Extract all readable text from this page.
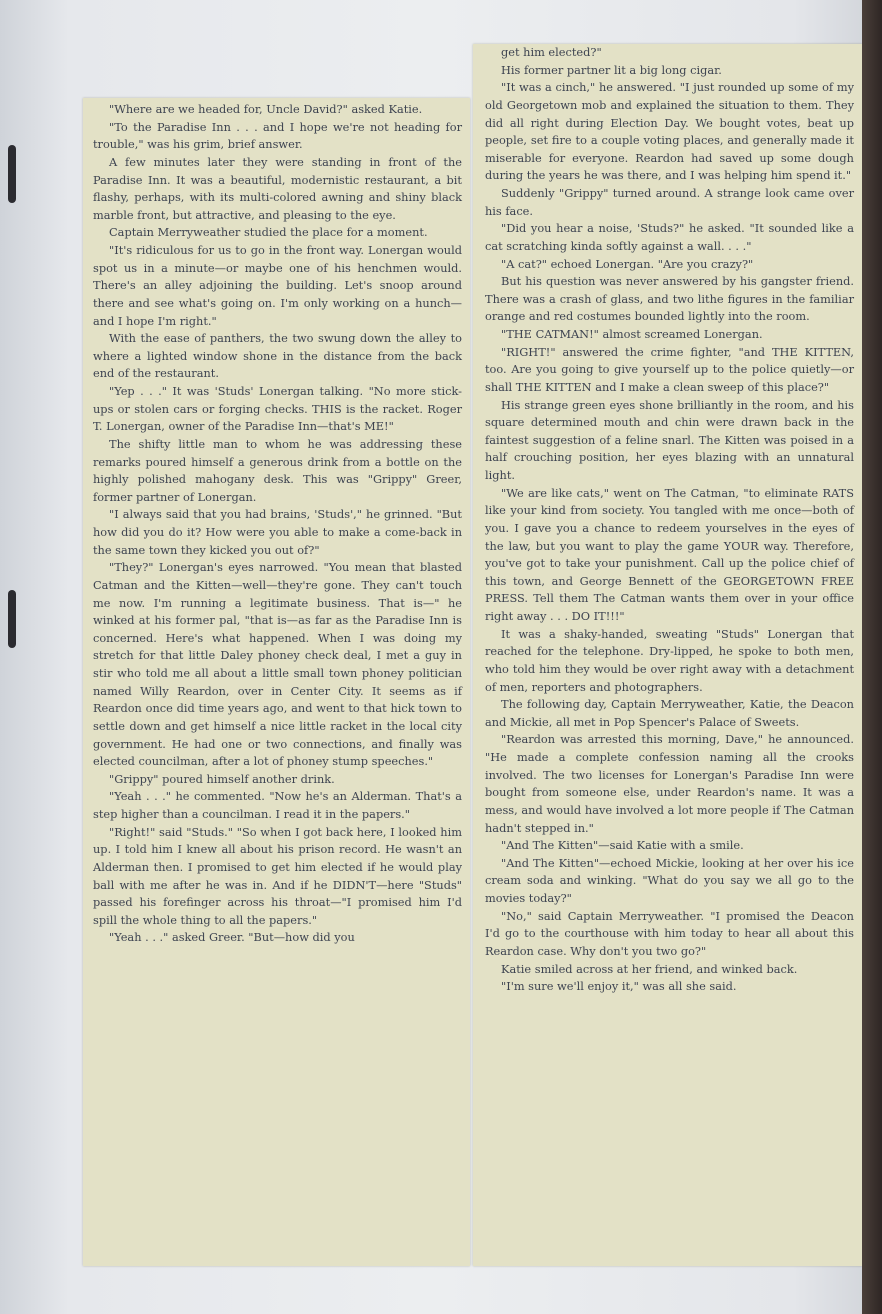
"Where are we headed for, Uncle David?" asked Katie.

"To the Paradise Inn . . . and I hope we're not heading for trouble," was his grim, brief answer.

A few minutes later they were standing in front of the Paradise Inn. It was a beautiful, modernistic restaurant, a bit flashy, perhaps, with its multi-colored awning and shiny black marble front, but attractive, and pleasing to the eye.

Captain Merryweather studied the place for a moment.

"It's ridiculous for us to go in the front way. Lonergan would spot us in a minute—or maybe one of his henchmen would. There's an alley adjoining the building. Let's snoop around there and see what's going on. I'm only working on a hunch—and I hope I'm right."

With the ease of panthers, the two swung down the alley to where a lighted window shone in the distance from the back end of the restaurant.

"Yep . . ." It was 'Studs' Lonergan talking. "No more stick-ups or stolen cars or forging checks. THIS is the racket. Roger T. Lonergan, owner of the Paradise Inn—that's ME!"

The shifty little man to whom he was addressing these remarks poured himself a generous drink from a bottle on the highly polished mahogany desk. This was "Grippy" Greer, former partner of Lonergan.

"I always said that you had brains, 'Studs'," he grinned. "But how did you do it? How were you able to make a come-back in the same town they kicked you out of?"

"They?" Lonergan's eyes narrowed. "You mean that blasted Catman and the Kitten—well—they're gone. They can't touch me now. I'm running a legitimate business. That is—" he winked at his former pal, "that is—as far as the Paradise Inn is concerned. Here's what happened. When I was doing my stretch for that little Daley phoney check deal, I met a guy in stir who told me all about a little small town phoney politician named Willy Reardon, over in Center City. It seems as if Reardon once did time years ago, and went to that hick town to settle down and get himself a nice little racket in the local city government. He had one or two connections, and finally was elected councilman, after a lot of phoney stump speeches."

"Grippy" poured himself another drink.

"Yeah . . ." he commented. "Now he's an Alderman. That's a step higher than a councilman. I read it in the papers."

"Right!" said "Studs." "So when I got back here, I looked him up. I told him I knew all about his prison record. He wasn't an Alderman then. I promised to get him elected if he would play ball with me after he was in. And if he DIDN'T—here "Studs" passed his forefinger across his throat—"I promised him I'd spill the whole thing to all the papers."

"Yeah . . ." asked Greer. "But—how did you

get him elected?"

His former partner lit a big long cigar.

"It was a cinch," he answered. "I just rounded up some of my old Georgetown mob and explained the situation to them. They did all right during Election Day. We bought votes, beat up people, set fire to a couple voting places, and generally made it miserable for everyone. Reardon had saved up some dough during the years he was there, and I was helping him spend it."

Suddenly "Grippy" turned around. A strange look came over his face.

"Did you hear a noise, 'Studs?" he asked. "It sounded like a cat scratching kinda softly against a wall. . . ."

"A cat?" echoed Lonergan. "Are you crazy?"

But his question was never answered by his gangster friend. There was a crash of glass, and two lithe figures in the familiar orange and red costumes bounded lightly into the room.

"THE CATMAN!" almost screamed Lonergan.

"RIGHT!" answered the crime fighter, "and THE KITTEN, too. Are you going to give yourself up to the police quietly—or shall THE KITTEN and I make a clean sweep of this place?"

His strange green eyes shone brilliantly in the room, and his square determined mouth and chin were drawn back in the faintest suggestion of a feline snarl. The Kitten was poised in a half crouching position, her eyes blazing with an unnatural light.

"We are like cats," went on The Catman, "to eliminate RATS like your kind from society. You tangled with me once—both of you. I gave you a chance to redeem yourselves in the eyes of the law, but you want to play the game YOUR way. Therefore, you've got to take your punishment. Call up the police chief of this town, and George Bennett of the GEORGETOWN FREE PRESS. Tell them The Catman wants them over in your office right away . . . DO IT!!!"

It was a shaky-handed, sweating "Studs" Lonergan that reached for the telephone. Dry-lipped, he spoke to both men, who told him they would be over right away with a detachment of men, reporters and photographers.

The following day, Captain Merryweather, Katie, the Deacon and Mickie, all met in Pop Spencer's Palace of Sweets.

"Reardon was arrested this morning, Dave," he announced. "He made a complete confession naming all the crooks involved. The two licenses for Lonergan's Paradise Inn were bought from someone else, under Reardon's name. It was a mess, and would have involved a lot more people if The Catman hadn't stepped in."

"And The Kitten"—said Katie with a smile.

"And The Kitten"—echoed Mickie, looking at her over his ice cream soda and winking. "What do you say we all go to the movies today?"

"No," said Captain Merryweather. "I promised the Deacon I'd go to the courthouse with him today to hear all about this Reardon case. Why don't you two go?"

Katie smiled across at her friend, and winked back.

"I'm sure we'll enjoy it," was all she said.
